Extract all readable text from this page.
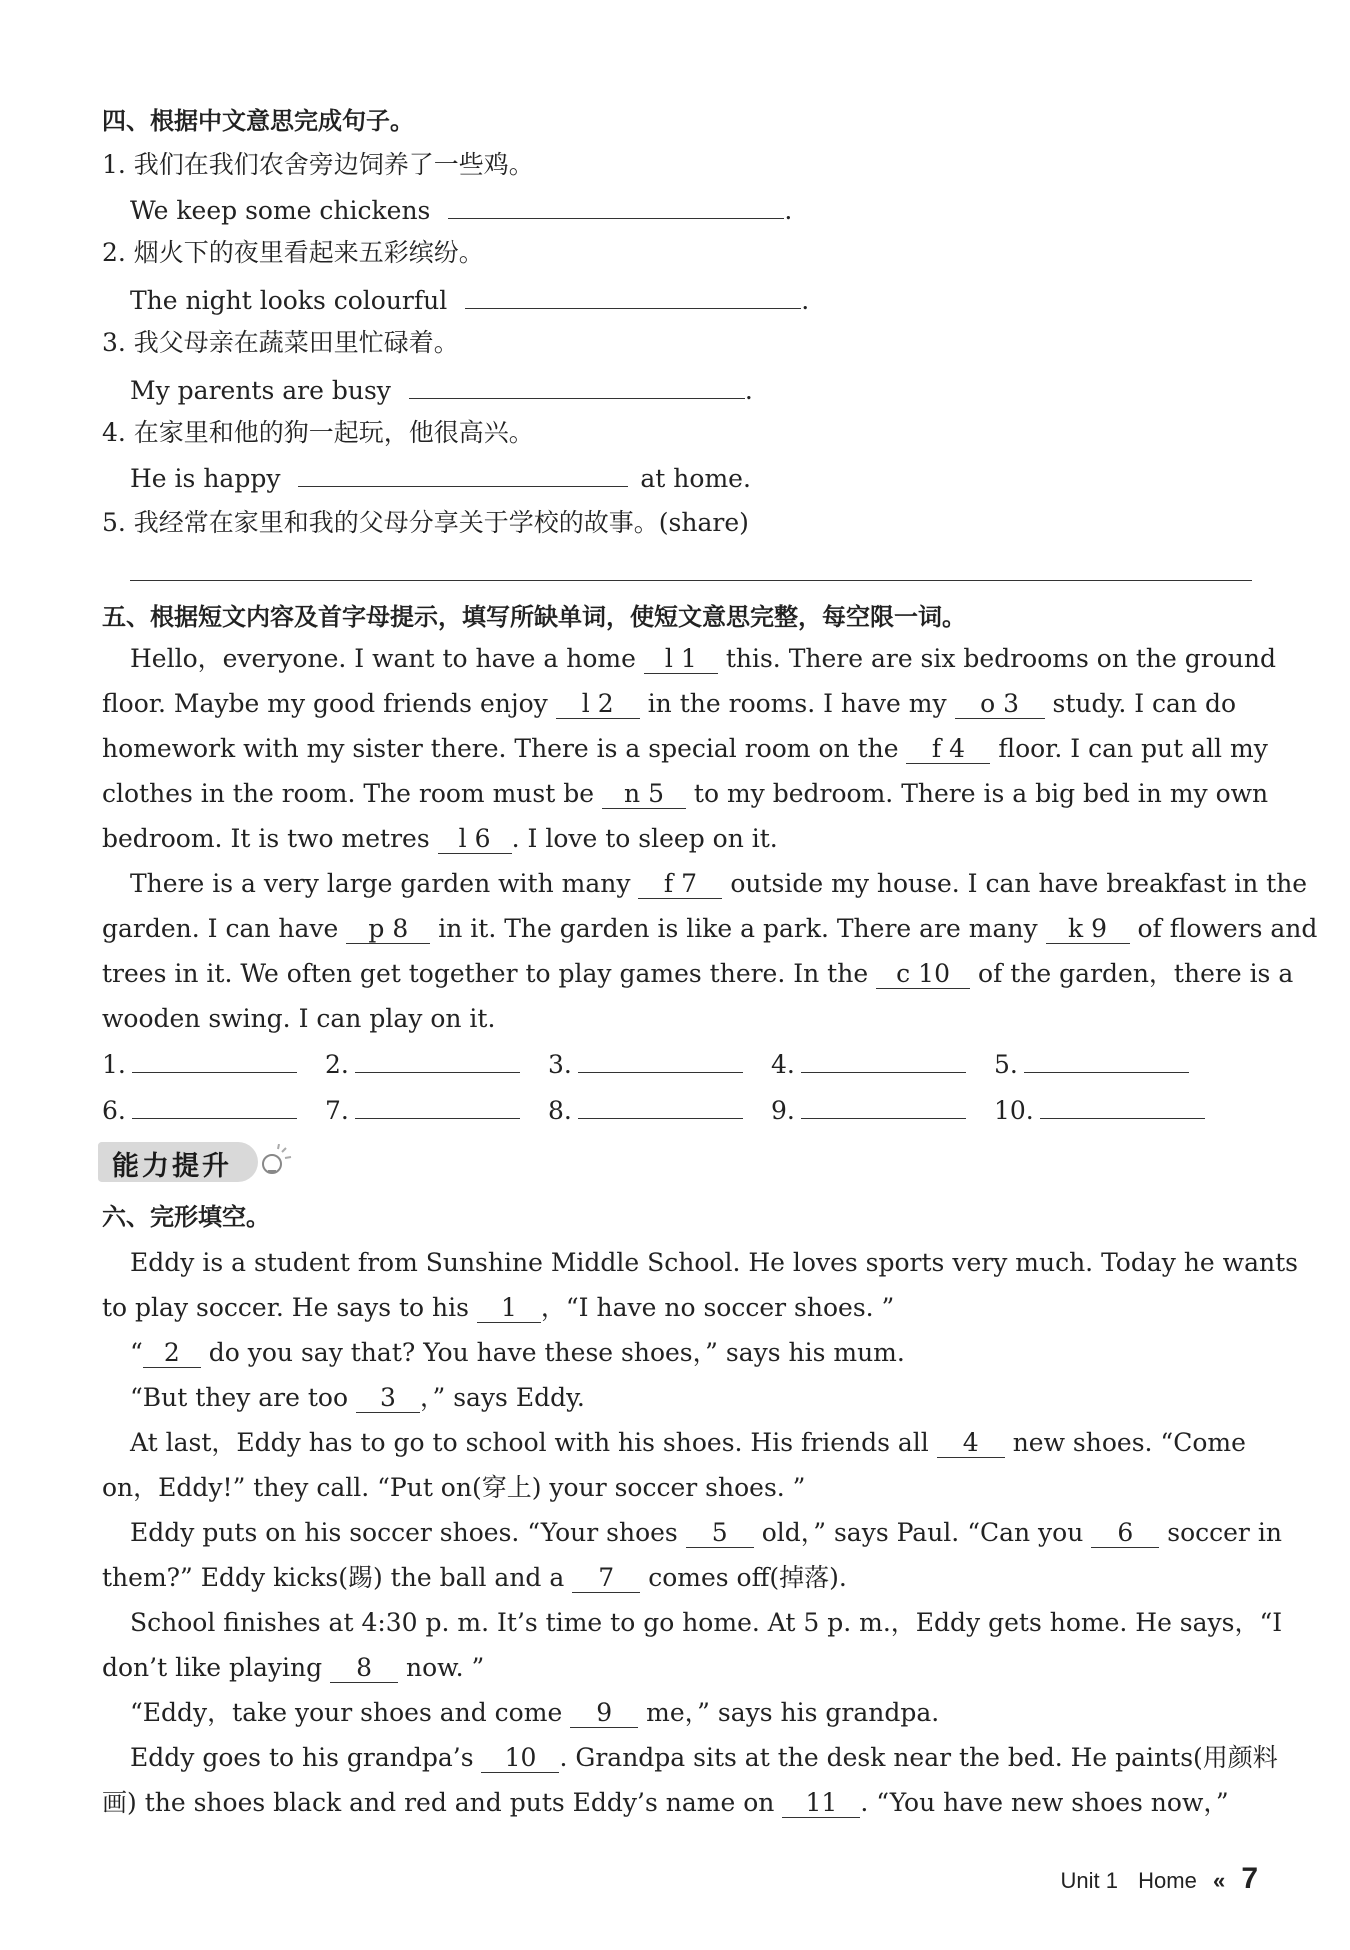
四、根据中文意思完成句子。
1. 我们在我们农舍旁边饲养了一些鸡。
We keep some chickens	.
2. 烟火下的夜里看起来五彩缤纷。
The night looks colourful	.
3. 我父母亲在蔬菜田里忙碌着。
My parents are busy	.
4. 在家里和他的狗一起玩，他很高兴。
He is happy	at home.
5. 我经常在家里和我的父母分享关于学校的故事。(share)
五、根据短文内容及首字母提示，填写所缺单词，使短文意思完整，每空限一词。
Hello，everyone. I want to have a home l 1 this. There are six bedrooms on the ground
floor. Maybe my good friends enjoy l 2 in the rooms. I have my o 3 study. I can do
homework with my sister there. There is a special room on the f 4 floor. I can put all my
clothes in the room. The room must be n 5 to my bedroom. There is a big bed in my own
bedroom. It is two metres l 6 . I love to sleep on it.
There is a very large garden with many f 7 outside my house. I can have breakfast in the
garden. I can have p 8 in it. The garden is like a park. There are many k 9 of flowers and
trees in it. We often get together to play games there. In the c 10 of the garden，there is a
wooden swing. I can play on it.
1.	2.	3.	4.	5.
6.	7.	8.	9.	10.
能力提升
六、完形填空。
Eddy is a student from Sunshine Middle School. He loves sports very much. Today he wants
to play soccer. He says to his 1 ，“I have no soccer shoes. ”
“ 2 do you say that? You have these shoes，” says his mum.
“But they are too 3 ，” says Eddy.
At last，Eddy has to go to school with his shoes. His friends all 4 new shoes. “Come
on，Eddy!” they call. “Put on(穿上) your soccer shoes. ”
Eddy puts on his soccer shoes. “Your shoes 5 old，” says Paul. “Can you 6 soccer in
them?” Eddy kicks(踢) the ball and a 7 comes off(掉落).
School finishes at 4:30 p. m. It’s time to go home. At 5 p. m.，Eddy gets home. He says，“I
don’t like playing 8 now. ”
“Eddy，take your shoes and come 9 me，” says his grandpa.
Eddy goes to his grandpa’s 10 . Grandpa sits at the desk near the bed. He paints(用颜料
画) the shoes black and red and puts Eddy’s name on 11 . “You have new shoes now，”
Unit 1 Home « 7
